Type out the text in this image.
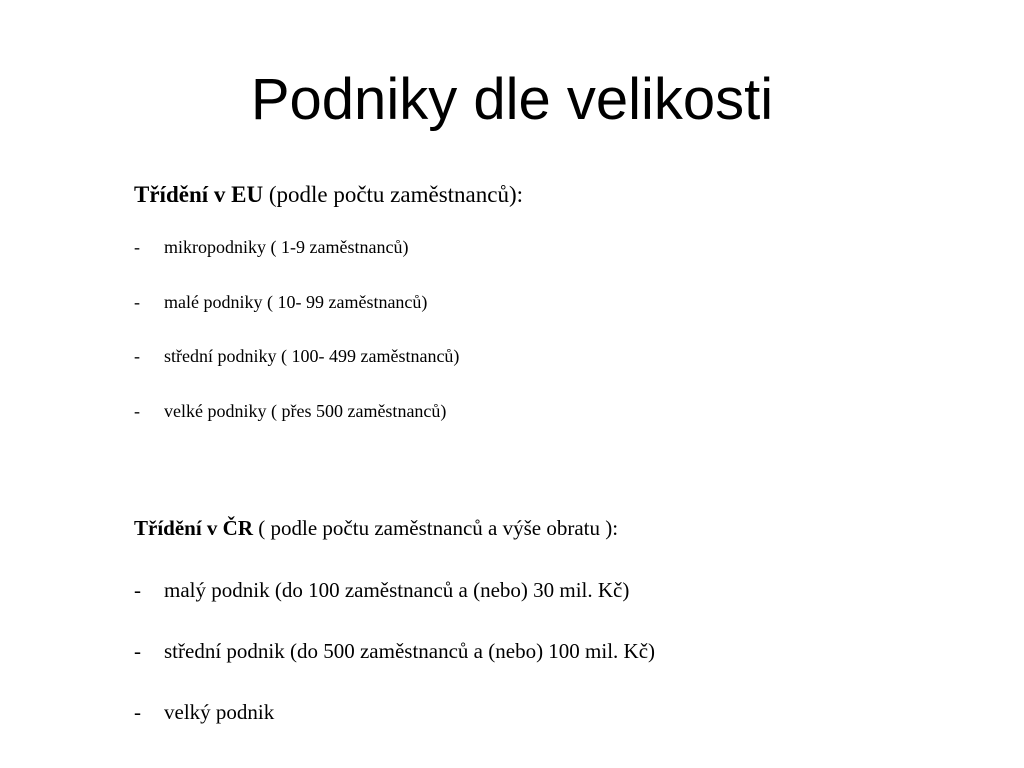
Podniky dle velikosti
Třídění v EU (podle počtu zaměstnanců):
- mikropodniky ( 1-9 zaměstnanců)
- malé podniky ( 10- 99 zaměstnanců)
- střední podniky ( 100- 499 zaměstnanců)
- velké podniky ( přes 500 zaměstnanců)
Třídění v ČR ( podle počtu zaměstnanců a výše obratu ):
- malý podnik (do 100 zaměstnanců a (nebo) 30 mil. Kč)
- střední podnik (do 500 zaměstnanců a (nebo) 100 mil. Kč)
- velký podnik
